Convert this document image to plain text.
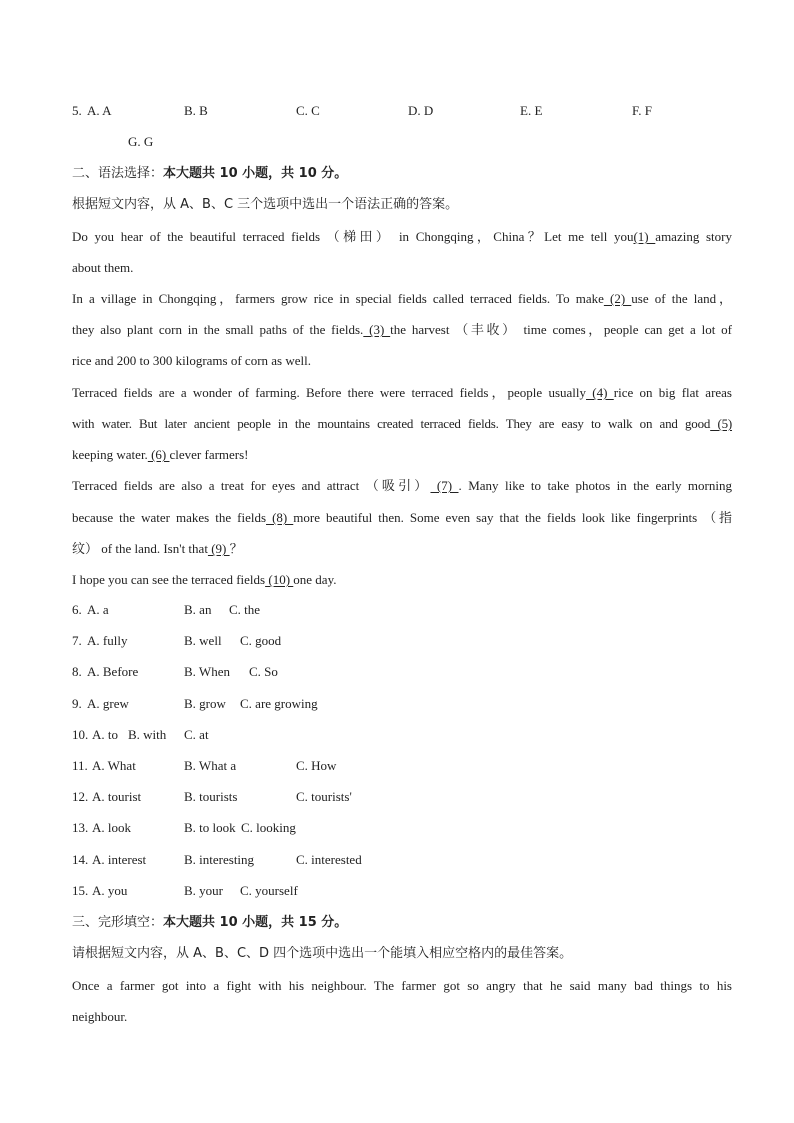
5. A. A	B. B	C. C	D. D	E. E	F. F
G. G
二、语法选择：本大题共 10 小题，共 10 分。
根据短文内容，从 A、B、C 三个选项中选出一个语法正确的答案。
Do you hear of the beautiful terraced fields （梯田） in Chongqing，China？Let me tell you(1) amazing story
about them.
In a village in Chongqing，farmers grow rice in special fields called terraced fields. To make (2) use of the land，
they also plant corn in the small paths of the fields. (3) the harvest （丰收） time comes，people can get a lot of
rice and 200 to 300 kilograms of corn as well.
Terraced fields are a wonder of farming. Before there were terraced fields，people usually (4) rice on big flat areas
with water. But later ancient people in the mountains created terraced fields. They are easy to walk on and good (5)
keeping water. (6) clever farmers!
Terraced fields are also a treat for eyes and attract （吸引） (7) . Many like to take photos in the early morning
because the water makes the fields (8) more beautiful then. Some even say that the fields look like fingerprints （指
纹） of the land. Isn't that (9) ？
I hope you can see the terraced fields (10) one day.
6. A. a	B. an C. the
7. A. fully	B. well C. good
8. A. Before	B. When C. So
9. A. grew	B. grow C. are growing
10. A. to B. with C. at
11. A. What	B. What a	C. How
12. A. tourist	B. tourists	C. tourists'
13. A. look	B. to look C. looking
14. A. interest	B. interesting	C. interested
15. A. you	B. your C. yourself
三、完形填空：本大题共 10 小题，共 15 分。
请根据短文内容，从 A、B、C、D 四个选项中选出一个能填入相应空格内的最佳答案。
Once a farmer got into a fight with his neighbour. The farmer got so angry that he said many bad things to his
neighbour.
